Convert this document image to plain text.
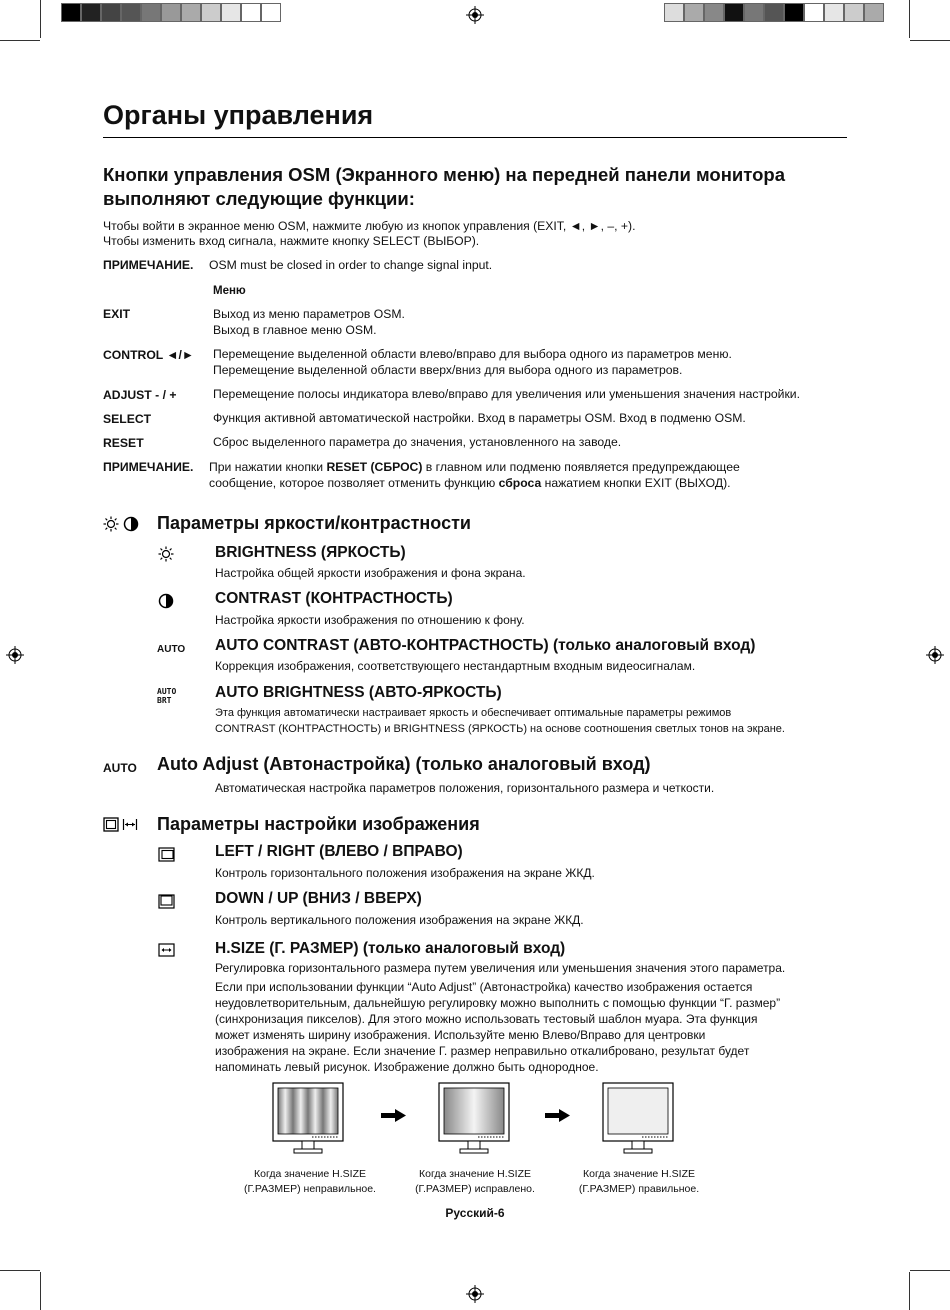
Органы управления
Кнопки управления OSM (Экранного меню) на передней панели монитора выполняют следующие функции:
Чтобы войти в экранное меню OSM, нажмите любую из кнопок управления (EXIT, ◄, ►, –, +).
Чтобы изменить вход сигнала, нажмите кнопку SELECT (ВЫБОР).
ПРИМЕЧАНИЕ. OSM must be closed in order to change signal input.
Меню
EXIT	Выход из меню параметров OSM.
Выход в главное меню OSM.
CONTROL ◄/► Перемещение выделенной области влево/вправо для выбора одного из параметров меню.
Перемещение выделенной области вверх/вниз для выбора одного из параметров.
ADJUST - / +	Перемещение полосы индикатора влево/вправо для увеличения или уменьшения значения настройки.
SELECT	Функция активной автоматической настройки. Вход в параметры OSM. Вход в подменю OSM.
RESET	Сброс выделенного параметра до значения, установленного на заводе.
ПРИМЕЧАНИЕ. При нажатии кнопки RESET (СБРОС) в главном или подменю появляется предупреждающее
сообщение, которое позволяет отменить функцию сброса нажатием кнопки EXIT (ВЫХОД).
Параметры яркости/контрастности
BRIGHTNESS (ЯРКОСТЬ)
Настройка общей яркости изображения и фона экрана.
CONTRAST (КОНТРАСТНОСТЬ)
Настройка яркости изображения по отношению к фону.
AUTO AUTO CONTRAST (АВТО-КОНТРАСТНОСТЬ) (только аналоговый вход)
Коррекция изображения, соответствующего нестандартным входным видеосигналам.
AUTO
BRT	AUTO BRIGHTNESS (АВТО-ЯРКОСТЬ)
Эта функция автоматически настраивает яркость и обеспечивает оптимальные параметры режимов
CONTRAST (КОНТРАСТНОСТЬ) и BRIGHTNESS (ЯРКОСТЬ) на основе соотношения светлых тонов на экране.
AUTO Auto Adjust (Автонастройка) (только аналоговый вход)
Автоматическая настройка параметров положения, горизонтального размера и четкости.
Параметры настройки изображения
LEFT / RIGHT (ВЛЕВО / ВПРАВО)
Контроль горизонтального положения изображения на экране ЖКД.
DOWN / UP (ВНИЗ / ВВЕРХ)
Контроль вертикального положения изображения на экране ЖКД.
H.SIZE (Г. РАЗМЕР) (только аналоговый вход)
Регулировка горизонтального размера путем увеличения или уменьшения значения этого параметра.
Если при использовании функции “Auto Adjust” (Автонастройка) качество изображения остается
неудовлетворительным, дальнейшую регулировку можно выполнить с помощью функции “Г. размер”
(синхронизация пикселов). Для этого можно использовать тестовый шаблон муара. Эта функция
может изменять ширину изображения. Используйте меню Влево/Вправо для центровки
изображения на экране. Если значение Г. размер неправильно откалибровано, результат будет
напоминать левый рисунок. Изображение должно быть однородное.
Когда значение H.SIZE
(Г.РАЗМЕР) неправильное.
Когда значение H.SIZE
(Г.РАЗМЕР) исправлено.
Когда значение H.SIZE
(Г.РАЗМЕР) правильное.
Русский-6
